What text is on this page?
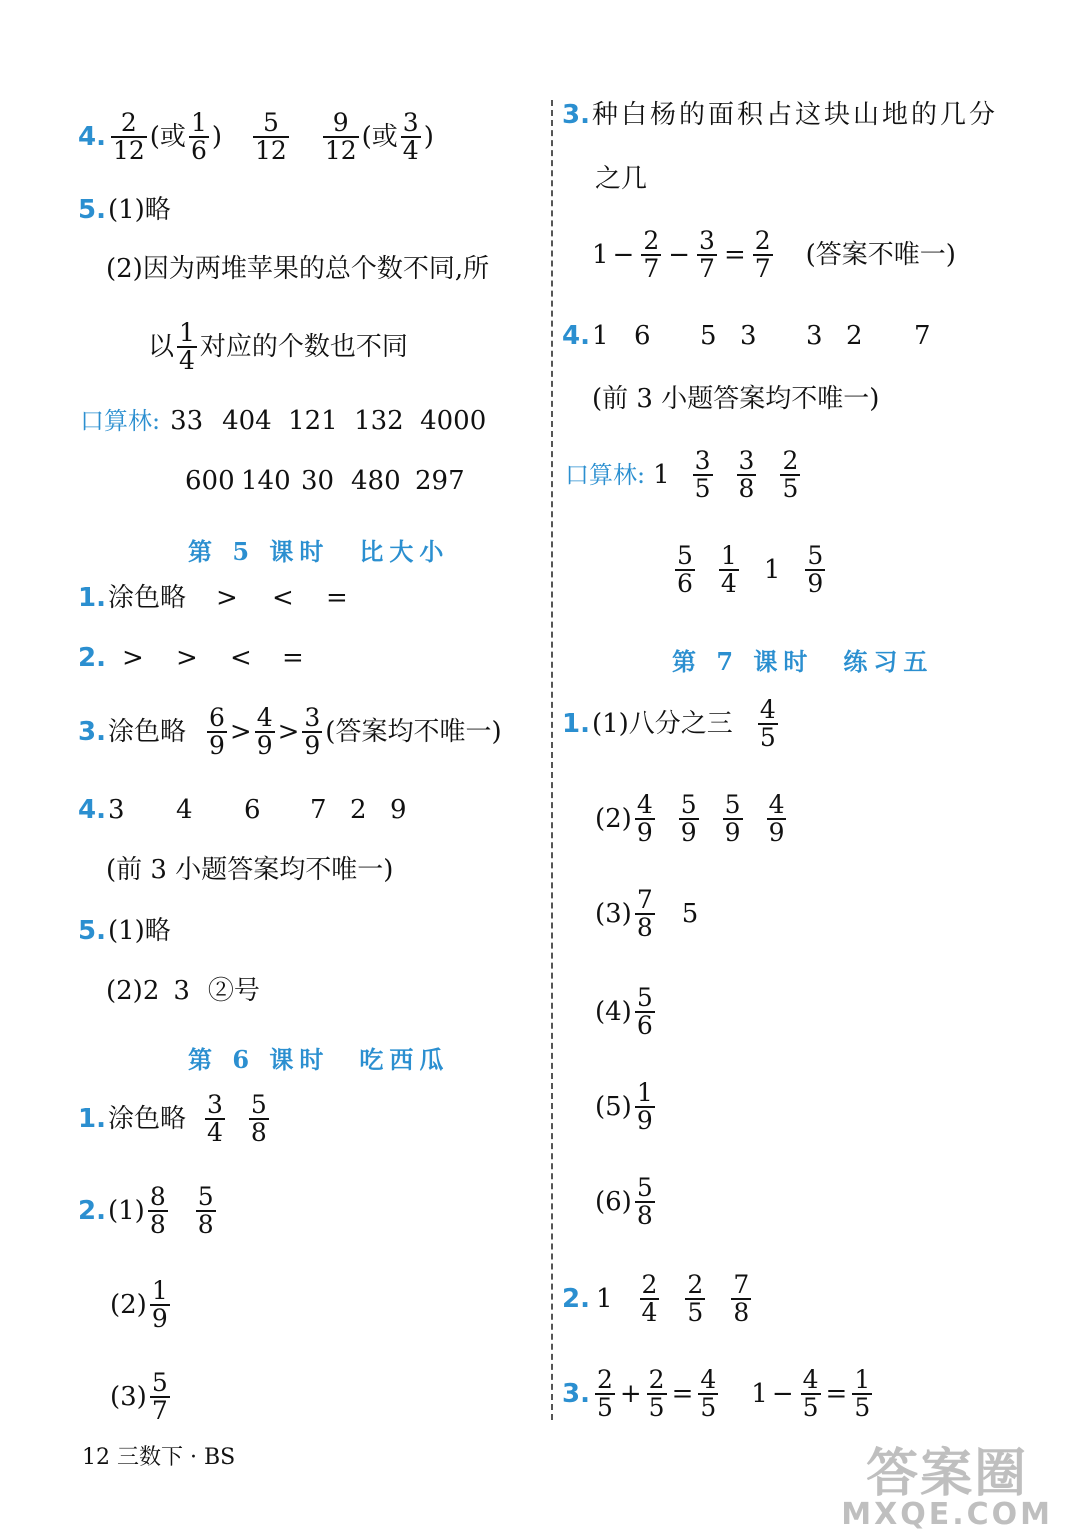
4. $\frac{2}{12}$ (或 $\frac{1}{6}$ ) $\frac{5}{12} \frac{9}{12}$ (或 $\frac{3}{4}$ )
5. (1)略
(2)因为两堆苹果的总个数不同,所
以 $\frac{1}{4}$ 对应的个数也不同
口算林: 33 404 121 132 4000
600 140 30 480 297
第 5 课时 比大小
1. 涂色略 >	<	=
2. >	>	<	=
3. 涂色略 $\frac{6}{9} > \frac{4}{9} > \frac{3}{9}$ (答案均不唯一)
4. 3	4	6	7 2 9
(前 3 小题答案均不唯一)
5. (1)略
(2)2 3 ②号
第 6 课时 吃西瓜
1. 涂色略 $\frac{3}{4} \frac{5}{8}$
2. $(1) \frac{8}{8} \frac{5}{8}$
$(2) \frac{1}{9}$
$(3) \frac{5}{7}$
12 三数下 · BS
3. 种白杨的面积占这块山地的几分
之几
$1 - \frac{2}{7} - \frac{3}{7} = \frac{2}{7}$ (答案不唯一)
4. 1 6	5 3	3 2	7
(前 3 小题答案均不唯一)
口算林: $1 \frac{3}{5} \frac{3}{8} \frac{2}{5}$
$\frac{5}{6} \frac{1}{4} 1 \frac{5}{9}$
第 7 课时 练习五
1. (1)八分之三 $\frac{4}{5}$
$(2) \frac{4}{9} \frac{5}{9} \frac{5}{9} \frac{4}{9}$
$(3) \frac{7}{8} 5$
$(4) \frac{5}{6}$
$(5) \frac{1}{9}$
$(6) \frac{5}{8}$
2. $1 \frac{2}{4} \frac{2}{5} \frac{7}{8}$
3. $\frac{2}{5} + \frac{2}{5} = \frac{4}{5} 1 - \frac{4}{5} = \frac{1}{5}$
答案圈
MXQE.COM
